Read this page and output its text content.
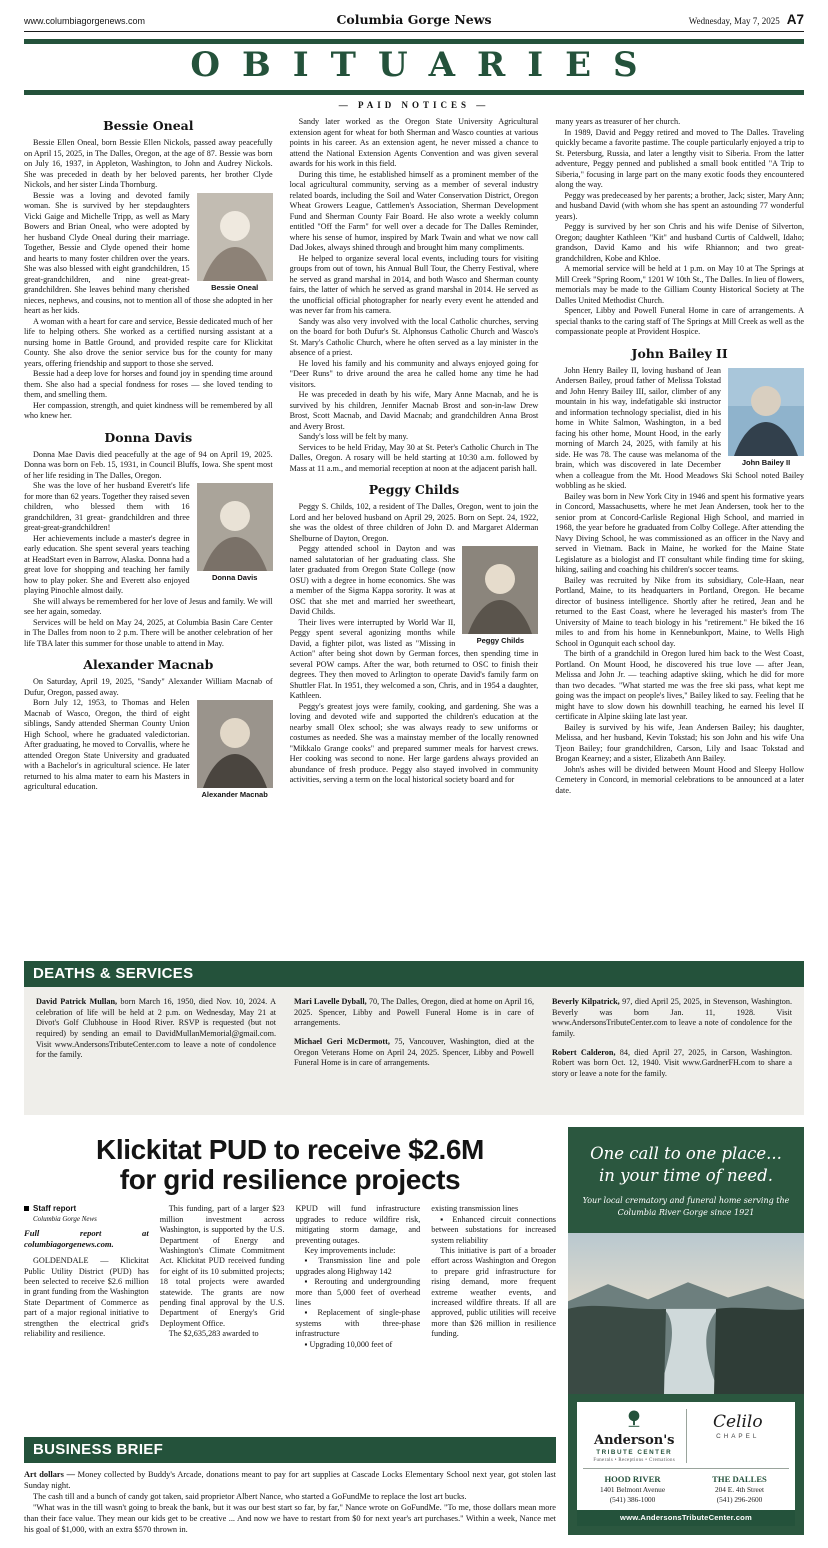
www.columbiagorgenews.com	Columbia Gorge News	Wednesday, May 7, 2025 A7
OBITUARIES
— PAID NOTICES —
Bessie Oneal

Bessie Ellen Oneal, born Bessie Ellen Nickols, passed away peacefully on April 15, 2025, in The Dalles, Oregon, at the age of 87. Bessie was born on July 16, 1937, in Appleton, Washington, to John and Audrey Nickols. She was preceded in death by her beloved parents, her brother Clyde Nickols, and her sister Linda Thornburg.

Bessie Oneal

Bessie was a loving and devoted family woman. She is survived by her stepdaughters Vicki Gaige and Michelle Tripp, as well as Mary Bowers and Brian Oneal, who were adopted by her husband Clyde Oneal during their marriage. Together, Bessie and Clyde opened their home and hearts to many foster children over the years. She was also blessed with eight grandchildren, 15 great-grandchildren, and nine great-great-grandchildren. She leaves behind many cherished nieces, nephews, and cousins, not to mention all of those she adopted in her heart as her kids.

A woman with a heart for care and service, Bessie dedicated much of her life to helping others. She worked as a certified nursing assistant at a nursing home in Battle Ground, and provided respite care for Klickitat County. She also drove the senior service bus for the county for many years, offering friendship and support to those she served.

Bessie had a deep love for horses and found joy in spending time around them. She also had a special fondness for roses — she loved tending to them, and smelling them.

Her compassion, strength, and quiet kindness will be remembered by all who knew her.

Donna Davis

Donna Mae Davis died peacefully at the age of 94 on April 19, 2025. Donna was born on Feb. 15, 1931, in Council Bluffs, Iowa. She spent most of her life residing in The Dalles, Oregon.

Donna Davis

She was the love of her husband Everett's life for more than 62 years. Together they raised seven children, who blessed them with 16 grandchildren, 31 great- grandchildren and three great-great-grandchildren!

Her achievements include a master's degree in early education. She spent several years teaching at HeadStart even in Barrow, Alaska. Donna had a great love for shopping and teaching her family how to play poker. She and Everett also enjoyed playing Pinochle almost daily.

She will always be remembered for her love of Jesus and family. We will see her again, someday.

Services will be held on May 24, 2025, at Columbia Basin Care Center in The Dalles from noon to 2 p.m. There will be another celebration of her life TBA later this summer for those unable to attend in May.

Alexander Macnab

On Saturday, April 19, 2025, "Sandy" Alexander William Macnab of Dufur, Oregon, passed away.

Alexander Macnab

Born July 12, 1953, to Thomas and Helen Macnab of Wasco, Oregon, the third of eight siblings, Sandy attended Sherman County Union High School, where he graduated valedictorian. After graduating, he moved to Corvallis, where he attended Oregon State University and graduated with a Bachelor's in agricultural science. He later returned to his alma mater to earn his Masters in agricultural education.

Sandy later worked as the Oregon State University Agricultural extension agent for wheat for both Sherman and Wasco counties at various points in his career. As an extension agent, he never missed a chance to attend the National Extension Agents Convention and was given several awards for his work in this field.

During this time, he established himself as a prominent member of the local agricultural community, serving as a member of several industry related boards, including the Soil and Water Conservation District, Oregon Wheat Growers League, Cattlemen's Association, Sherman Development Fund and Sherman County Fair Board. He also wrote a weekly column entitled "Off the Farm" for well over a decade for The Dalles Reminder, where his sense of humor, inspired by Mark Twain and what we now call Dad Jokes, always shined through and brought him many compliments.

He helped to organize several local events, including tours for visiting groups from out of town, his Annual Bull Tour, the Cherry Festival, where he served as grand marshal in 2014, and both Wasco and Sherman county fairs, the latter of which he served as grand marshal in 2014. He served as the unofficial official photographer for nearly every event he attended and was never far from his camera.

Sandy was also very involved with the local Catholic churches, serving on the board for both Dufur's St. Alphonsus Catholic Church and Wasco's St. Mary's Catholic Church, where he often served as a lay minister in the absence of a priest.

He loved his family and his community and always enjoyed going for "Deer Runs" to drive around the area he called home any time he had visitors.

He was preceded in death by his wife, Mary Anne Macnab, and he is survived by his children, Jennifer Macnab Brost and son-in-law Drew Brost, Scott Macnab, and David Macnab; and grandchildren Anna Brost and Avery Brost.

Sandy's loss will be felt by many.

Services to be held Friday, May 30 at St. Peter's Catholic Church in The Dalles, Oregon. A rosary will be held starting at 10:30 a.m. followed by Mass at 11 a.m., and memorial reception at noon at the adjacent parish hall.

Peggy Childs

Peggy S. Childs, 102, a resident of The Dalles, Oregon, went to join the Lord and her beloved husband on April 29, 2025. Born on Sept. 24, 1922, she was the oldest of three children of John D. and Margaret Alderman Shelburne of Dayton, Oregon.

Peggy Childs

Peggy attended school in Dayton and was named salutatorian of her graduating class. She later graduated from Oregon State College (now OSU) with a degree in home economics. She was a member of the Sigma Kappa sorority. It was at OSC that she met and married her sweetheart, David Childs.

Their lives were interrupted by World War II, Peggy spent several agonizing months while David, a fighter pilot, was listed as "Missing in Action" after being shot down by German forces, then spending time in several POW camps. After the war, both returned to OSC to finish their degrees. They then moved to Arlington to operate David's family farm on Shuttler Flat. In 1951, they welcomed a son, Chris, and in 1954 a daughter, Kathleen.

Peggy's greatest joys were family, cooking, and gardening. She was a loving and devoted wife and supported the children's education at the nearby small Olex school; she was always ready to sew uniforms or costumes as needed. She was a mainstay member of the locally renowned "Mikkalo Grange cooks" and prepared summer meals for harvest crews. Her cooking was second to none. Her large gardens always provided an abundance of fresh produce. Peggy also stayed involved in community activities, serving a term on the local historical society board and for

many years as treasurer of her church.

In 1989, David and Peggy retired and moved to The Dalles. Traveling quickly became a favorite pastime. The couple particularly enjoyed a trip to St. Petersburg, Russia, and later a lengthy visit to Siberia. From the latter adventure, Peggy penned and published a small book entitled "A Trip to Siberia," focusing in large part on the many exotic foods they encountered along the way.

Peggy was predeceased by her parents; a brother, Jack; sister, Mary Ann; and husband David (with whom she has spent an astounding 77 wonderful years).

Peggy is survived by her son Chris and his wife Denise of Silverton, Oregon; daughter Kathleen "Kit" and husband Curtis of Caldwell, Idaho; grandson, David Kamo and his wife Rhiannon; and two great-grandchildren, Kobe and Khloe.

A memorial service will be held at 1 p.m. on May 10 at The Springs at Mill Creek "Spring Room," 1201 W 10th St., The Dalles. In lieu of flowers, memorials may be made to the Gilliam County Historical Society at The Dalles United Methodist Church.

Spencer, Libby and Powell Funeral Home in care of arrangements. A special thanks to the caring staff of The Springs at Mill Creek as well as the compassionate people at Provident Hospice.

John Bailey II
John Bailey II

John Henry Bailey II, loving husband of Jean Andersen Bailey, proud father of Melissa Tokstad and John Henry Bailey III, sailor, climber of any mountain in his way, indefatigable ski instructor and information technology specialist, died in his home in White Salmon, Washington, in a bed facing his other home, Mount Hood, in the early morning of March 24, 2025, with family at his side. He was 78. The cause was melanoma of the brain, which was discovered in late December when a colleague from the Mt. Hood Meadows Ski School noted Bailey wobbling as he skied.

Bailey was born in New York City in 1946 and spent his formative years in Concord, Massachusetts, where he met Jean Andersen, took her to the senior prom at Concord-Carlisle Regional High School, and married in 1968, the year before he graduated from Colby College. After attending the Navy Diving School, he was commissioned as an officer in the Navy and served in Vietnam. Back in Maine, he worked for the Maine State Legislature as a biologist and IT consultant while finding time for skiing, hiking, sailing and coaching his children's soccer teams.

Bailey was recruited by Nike from its subsidiary, Cole-Haan, near Portland, Maine, to its headquarters in Portland, Oregon. He became director of business intelligence. Shortly after he retired, Jean and he returned to the East Coast, where he leveraged his master's from The University of Maine to teach biology in his "retirement." He biked the 16 miles to and from his home in Kennebunkport, Maine, to Wells High School in Ogunquit each school day.

The birth of a grandchild in Oregon lured him back to the West Coast, Portland. On Mount Hood, he discovered his true love — after Jean, Melissa and John Jr. — teaching adaptive skiing, which he did for more than two decades. "What started me was the free ski pass, what kept me going was the impact on people's lives," Bailey liked to say. Feeling that he might have to slow down his downhill teaching, he earned his level II certificate in Alpine skiing late last year.

Bailey is survived by his wife, Jean Andersen Bailey; his daughter, Melissa, and her husband, Kevin Tokstad; his son John and his wife Una Tjeon Bailey; four grandchildren, Carson, Lily and Isaac Tokstad and Brogan Kearney; and a sister, Elizabeth Ann Bailey.

John's ashes will be divided between Mount Hood and Sleepy Hollow Cemetery in Concord, in memorial celebrations to be announced at a later date.

DEATHS & SERVICES

David Patrick Mullan, born March 16, 1950, died Nov. 10, 2024. A celebration of life will be held at 2 p.m. on Wednesday, May 21 at Divot's Golf Clubhouse in Hood River. RSVP is requested (but not required) by sending an email to DavidMullanMemorial@gmail.com. Visit www.AndersonsTributeCenter.com to leave a note of condolence for the family.

Mari Lavelle Dyball, 70, The Dalles, Oregon, died at home on April 16, 2025. Spencer, Libby and Powell Funeral Home is in care of arrangements.

Michael Geri McDermott, 75, Vancouver, Washington, died at the Oregon Veterans Home on April 24, 2025. Spencer, Libby and Powell Funeral Home is in care of arrangements.

Beverly Kilpatrick, 97, died April 25, 2025, in Stevenson, Washington. Beverly was born Jan. 11, 1928. Visit www.AndersonsTributeCenter.com to leave a note of condolence for the family.

Robert Calderon, 84, died April 27, 2025, in Carson, Washington. Robert was born Oct. 12, 1940. Visit www.GardnerFH.com to share a story or leave a note for the family.

Klickitat PUD to receive $2.6M
for grid resilience projects
Staff report
Columbia Gorge News
Full report at columbiagorgenews.com.

GOLDENDALE — Klickitat Public Utility District (PUD) has been selected to receive $2.6 million in grant funding from the Washington State Department of Commerce as part of a major regional initiative to strengthen the electrical grid's reliability and resilience.

This funding, part of a larger $23 million investment across Washington, is supported by the U.S. Department of Energy and Washington's Climate Commitment Act. Klickitat PUD received funding for eight of its 10 submitted projects; 18 total projects were awarded statewide. The grants are now pending final approval by the U.S. Department of Energy's Grid Deployment Office.

The $2,635,283 awarded to

KPUD will fund infrastructure upgrades to reduce wildfire risk, mitigating storm damage, and preventing outages.

Key improvements include:

▪ Transmission line and pole upgrades along Highway 142

▪ Rerouting and undergrounding more than 5,000 feet of overhead lines

▪ Replacement of single-phase systems with three-phase infrastructure

▪ Upgrading 10,000 feet of

existing transmission lines

▪ Enhanced circuit connections between substations for increased system reliability

This initiative is part of a broader effort across Washington and Oregon to prepare grid infrastructure for rising demand, more frequent extreme weather events, and increased wildfire threats. If all are approved, public utilities will receive more than $26 million in resilience funding.

BUSINESS BRIEF

Art dollars — Money collected by Buddy's Arcade, donations meant to pay for art supplies at Cascade Locks Elementary School next year, got stolen last Sunday night.

The cash till and a bunch of candy got taken, said proprietor Albert Nance, who started a GoFundMe to replace the lost art bucks.

"What was in the till wasn't going to break the bank, but it was our best start so far, by far," Nance wrote on GoFundMe. "To me, those dollars mean more than their face value. They mean our kids get to be creative ... And now we have to restart from $0 for next year's art purchases." Within a week, Nance met his goal of $1,000, with an extra $570 thrown in.

One call to one place...
in your time of need.
Your local crematory and funeral home serving the Columbia River Gorge since 1921
Anderson's
TRIBUTE CENTER
Funerals • Receptions • Cremations
Celilo
CHAPEL
HOOD RIVER
1401 Belmont Avenue
(541) 386-1000
THE DALLES
204 E. 4th Street
(541) 296-2600
www.AndersonsTributeCenter.com
